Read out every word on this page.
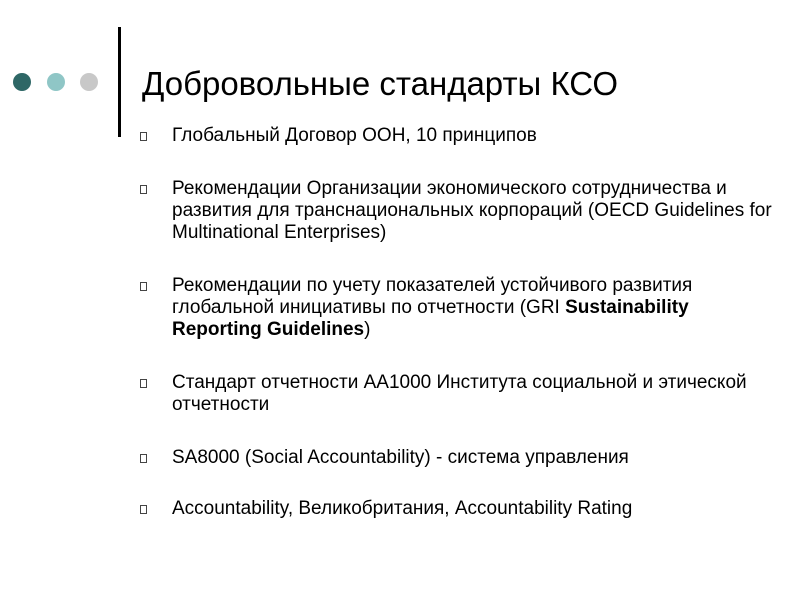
Добровольные стандарты КСО
Глобальный Договор ООН, 10 принципов
Рекомендации Организации экономического сотрудничества и развития для транснациональных корпораций (OECD Guidelines for Multinational Enterprises)
Рекомендации по учету показателей устойчивого развития глобальной инициативы по отчетности (GRI Sustainability Reporting Guidelines)
Стандарт отчетности AA1000 Института социальной и этической отчетности
SA8000 (Social Accountability) - система управления
Accountability, Великобритания, Accountability Rating
